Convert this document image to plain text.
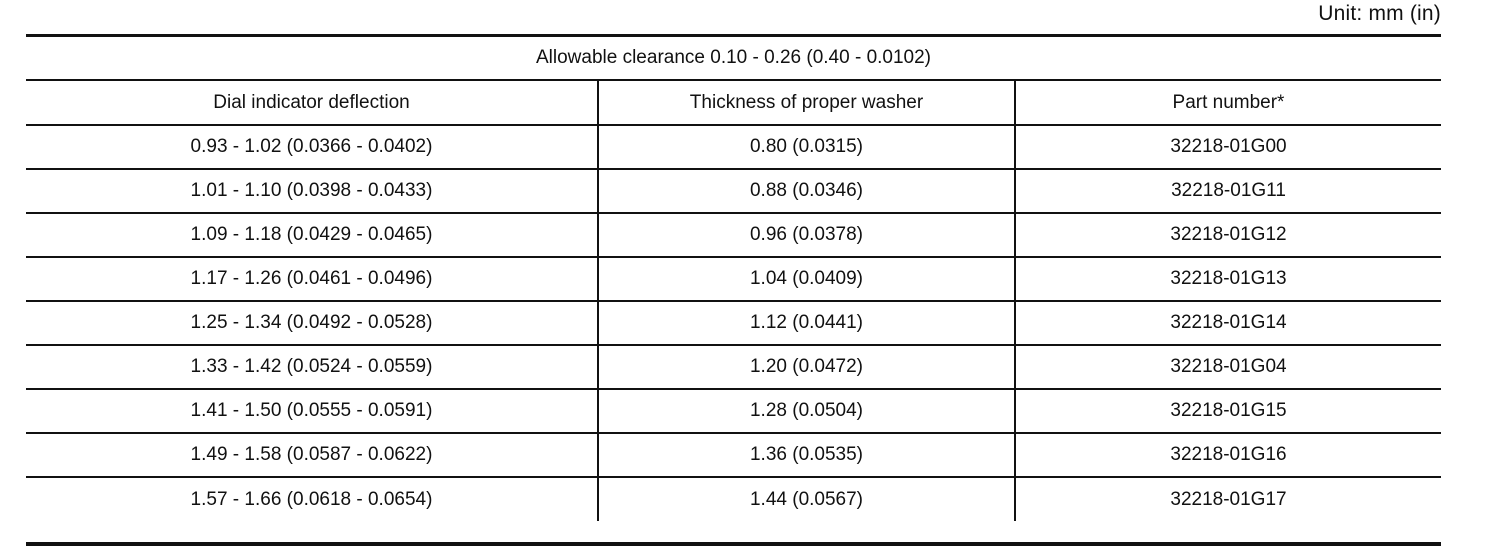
Unit: mm (in)
Allowable clearance 0.10 - 0.26 (0.40 - 0.0102)
Dial indicator deflection	Thickness of proper washer	Part number*
0.93 - 1.02 (0.0366 - 0.0402)	0.80 (0.0315)	32218-01G00
1.01 - 1.10 (0.0398 - 0.0433)	0.88 (0.0346)	32218-01G11
1.09 - 1.18 (0.0429 - 0.0465)	0.96 (0.0378)	32218-01G12
1.17 - 1.26 (0.0461 - 0.0496)	1.04 (0.0409)	32218-01G13
1.25 - 1.34 (0.0492 - 0.0528)	1.12 (0.0441)	32218-01G14
1.33 - 1.42 (0.0524 - 0.0559)	1.20 (0.0472)	32218-01G04
1.41 - 1.50 (0.0555 - 0.0591)	1.28 (0.0504)	32218-01G15
1.49 - 1.58 (0.0587 - 0.0622)	1.36 (0.0535)	32218-01G16
1.57 - 1.66 (0.0618 - 0.0654)	1.44 (0.0567)	32218-01G17
